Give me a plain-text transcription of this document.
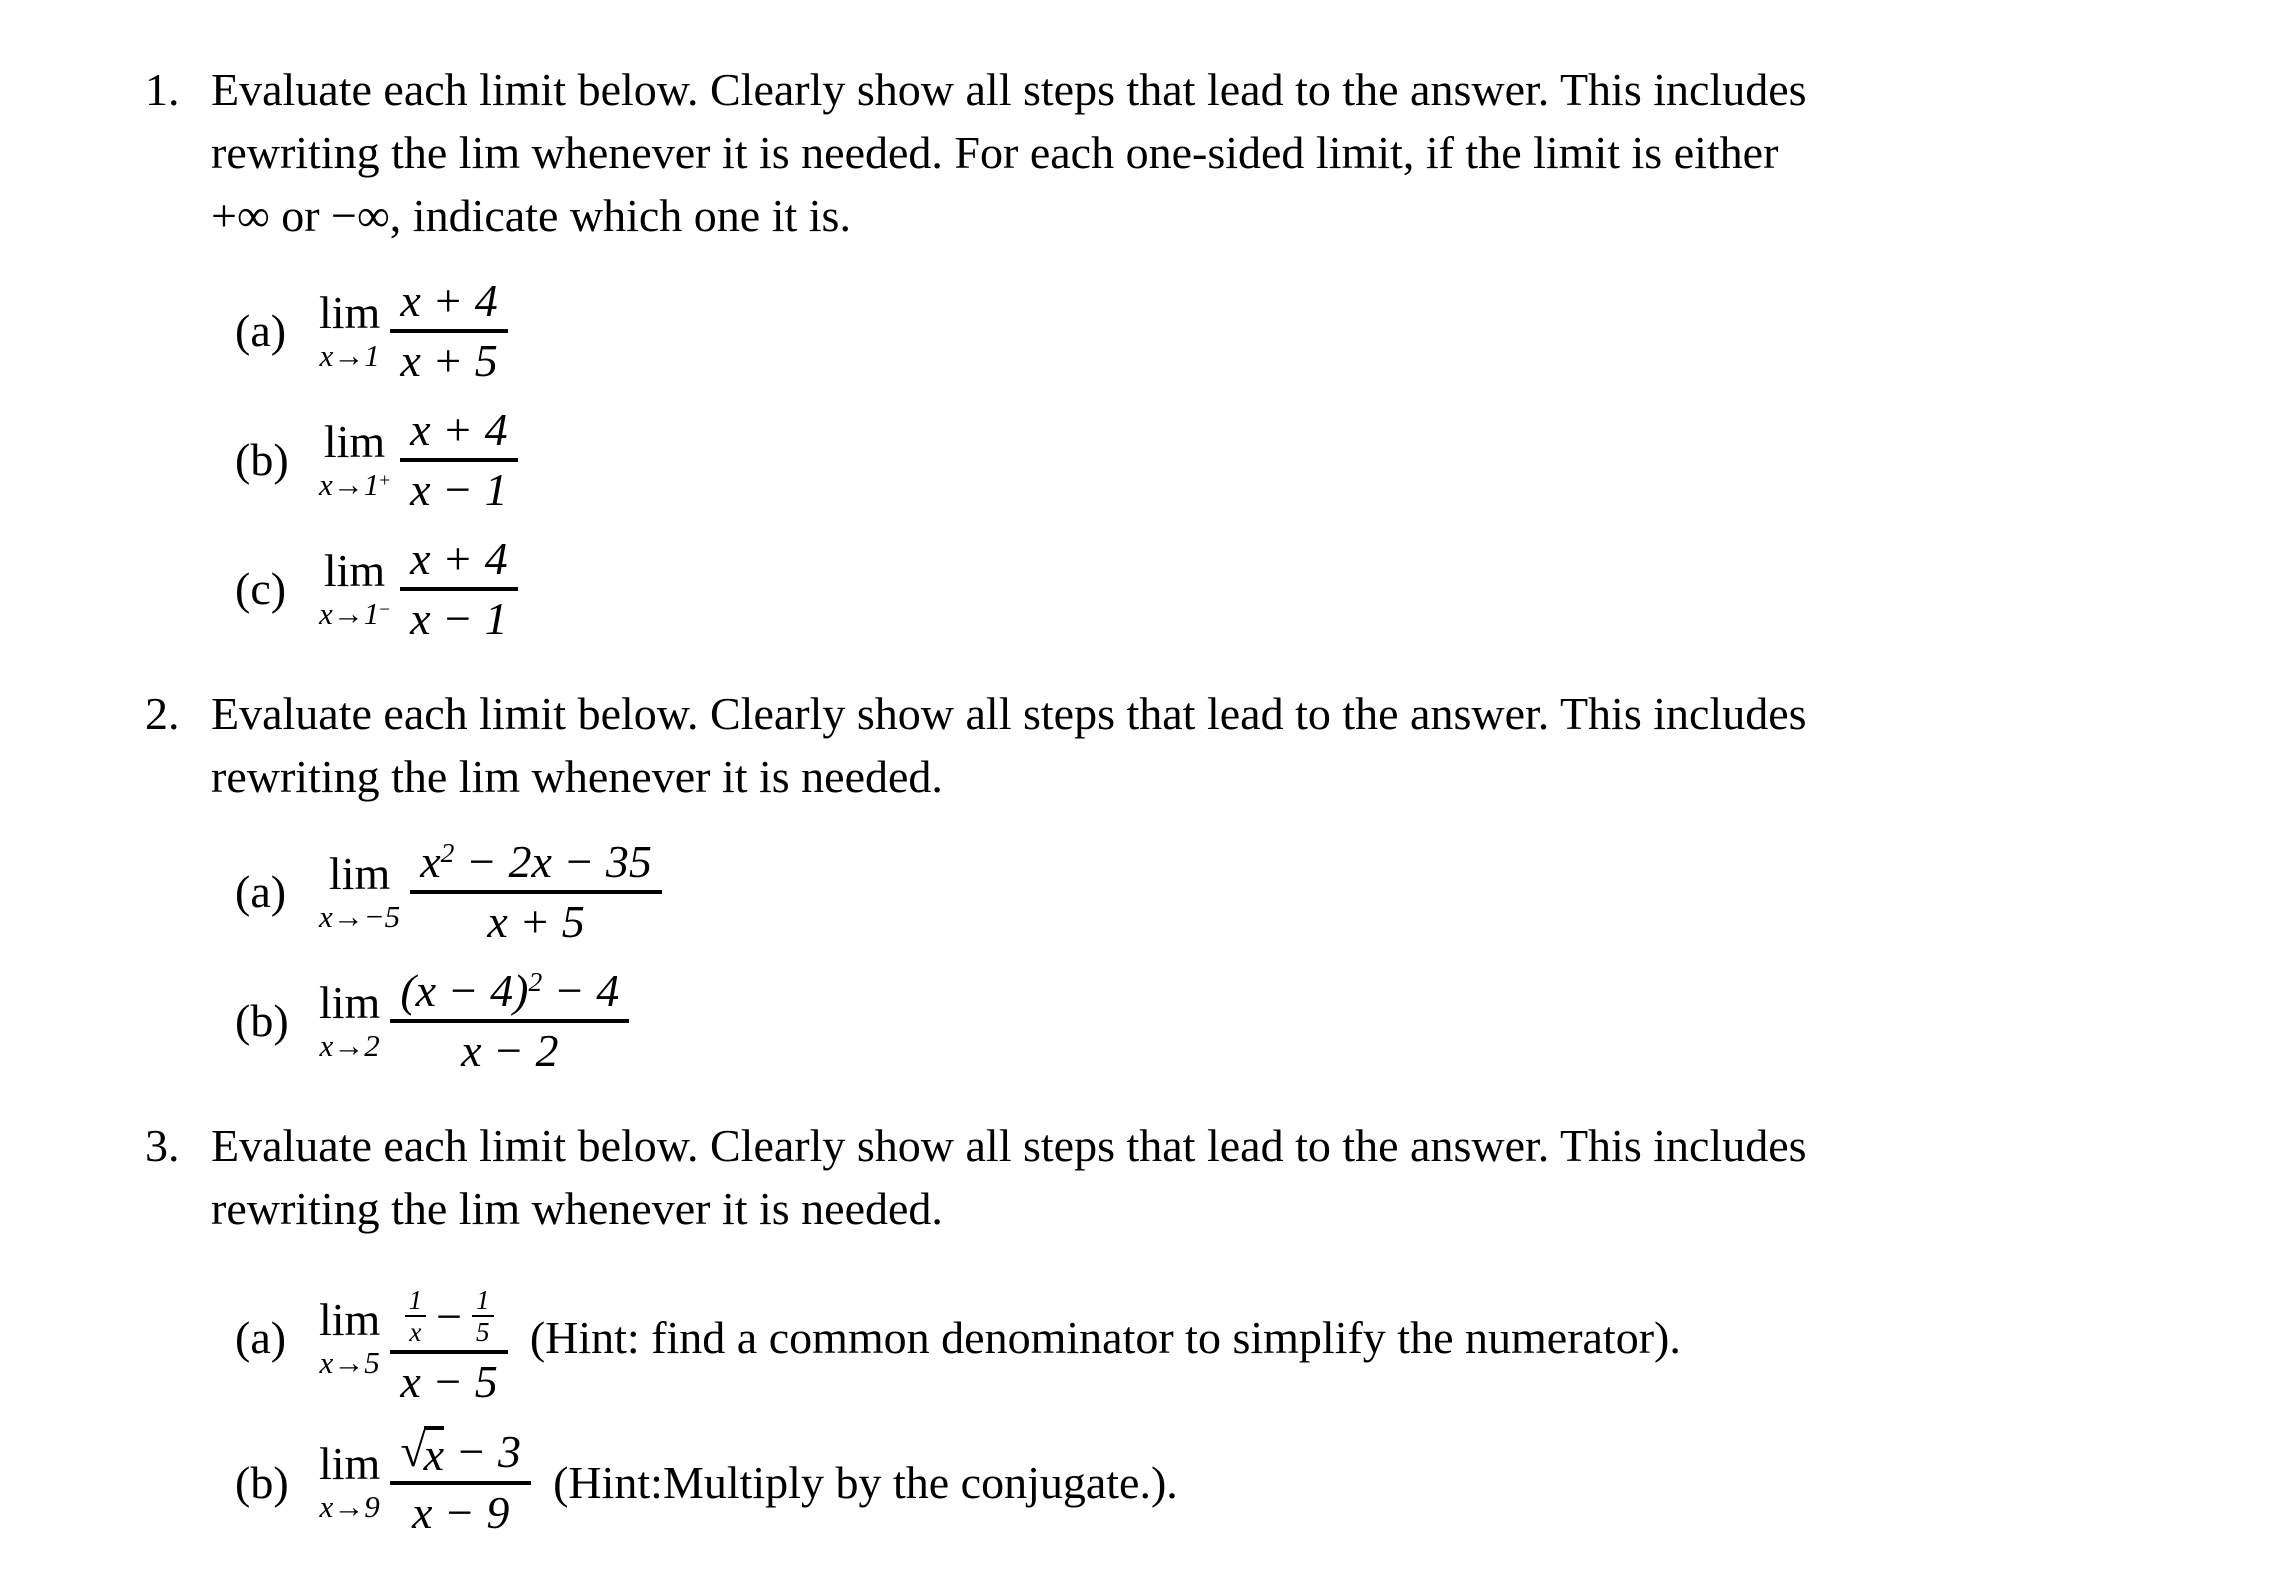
1. Evaluate each limit below. Clearly show all steps that lead to the answer. This includes
rewriting the lim whenever it is needed. For each one-sided limit, if the limit is either
+∞ or −∞, indicate which one it is.
(a) lim
$x\to 1 \frac{x + 4}{x + 5}$
(b) lim
$x\to 1^+ \frac{x + 4}{x - 1}$
(c) lim
$x\to 1^- \frac{x + 4}{x - 1}$
2. Evaluate each limit below. Clearly show all steps that lead to the answer. This includes
rewriting the lim whenever it is needed.
(a) lim
$x\to-5 \frac{x^2 - 2x - 35}{x + 5}$
(b) lim
$x\to 2 \frac{(x - 4)^2 - 4}{x - 2}$
3. Evaluate each limit below. Clearly show all steps that lead to the answer. This includes
rewriting the lim whenever it is needed.
(a) lim
x→5
1
x − 1
5
x − 5
(Hint: find a common denominator to simplify the numerator).
(b) lim
x→9 √
x − 3
x − 9 (Hint:Multiply by the conjugate.).
